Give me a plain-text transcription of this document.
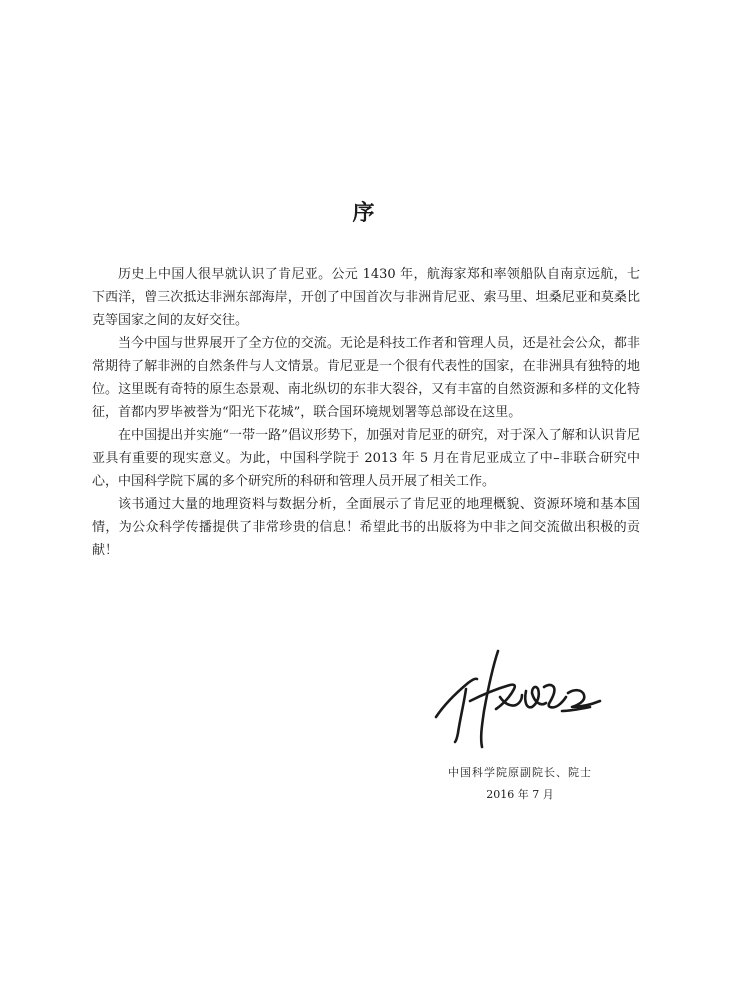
序

历史上中国人很早就认识了肯尼亚。公元 1430 年，航海家郑和率领船队自南京远航，七下西洋，曾三次抵达非洲东部海岸，开创了中国首次与非洲肯尼亚、索马里、坦桑尼亚和莫桑比克等国家之间的友好交往。

当今中国与世界展开了全方位的交流。无论是科技工作者和管理人员，还是社会公众，都非常期待了解非洲的自然条件与人文情景。肯尼亚是一个很有代表性的国家，在非洲具有独特的地位。这里既有奇特的原生态景观、南北纵切的东非大裂谷，又有丰富的自然资源和多样的文化特征，首都内罗毕被誉为“阳光下花城”，联合国环境规划署等总部设在这里。

在中国提出并实施“一带一路”倡议形势下，加强对肯尼亚的研究，对于深入了解和认识肯尼亚具有重要的现实意义。为此，中国科学院于 2013 年 5 月在肯尼亚成立了中–非联合研究中心，中国科学院下属的多个研究所的科研和管理人员开展了相关工作。

该书通过大量的地理资料与数据分析，全面展示了肯尼亚的地理概貌、资源环境和基本国情，为公众科学传播提供了非常珍贵的信息！希望此书的出版将为中非之间交流做出积极的贡献！

中国科学院原副院长、院士

2016 年 7 月
